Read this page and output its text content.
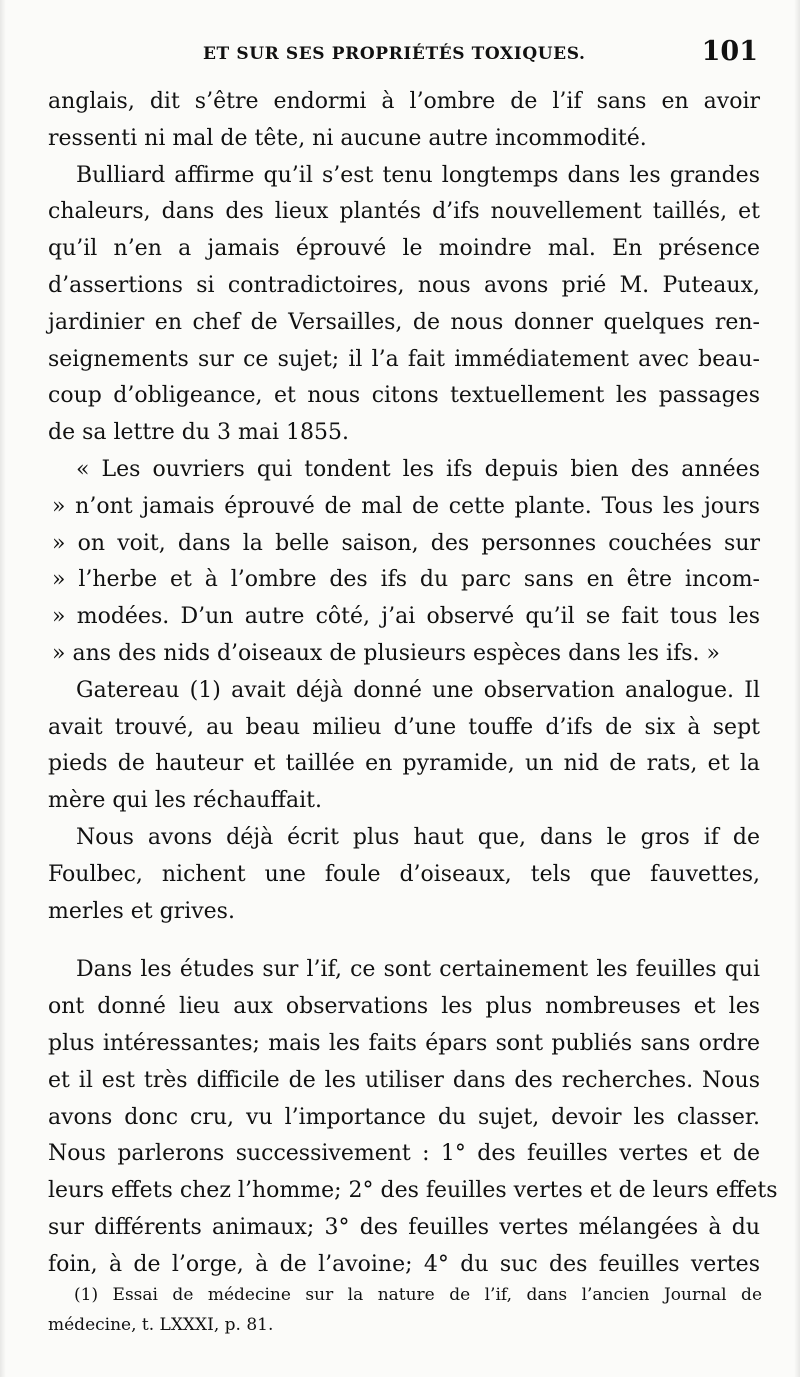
ET SUR SES PROPRIÉTÉS TOXIQUES.	101
anglais, dit s’être endormi à l’ombre de l’if sans en avoir
ressenti ni mal de tête, ni aucune autre incommodité.
Bulliard affirme qu’il s’est tenu longtemps dans les grandes
chaleurs, dans des lieux plantés d’ifs nouvellement taillés, et
qu’il n’en a jamais éprouvé le moindre mal. En présence
d’assertions si contradictoires, nous avons prié M. Puteaux,
jardinier en chef de Versailles, de nous donner quelques ren-
seignements sur ce sujet; il l’a fait immédiatement avec beau-
coup d’obligeance, et nous citons textuellement les passages
de sa lettre du 3 mai 1855.
« Les ouvriers qui tondent les ifs depuis bien des années
» n’ont jamais éprouvé de mal de cette plante. Tous les jours
» on voit, dans la belle saison, des personnes couchées sur
» l’herbe et à l’ombre des ifs du parc sans en être incom-
» modées. D’un autre côté, j’ai observé qu’il se fait tous les
» ans des nids d’oiseaux de plusieurs espèces dans les ifs. »
Gatereau (1) avait déjà donné une observation analogue. Il
avait trouvé, au beau milieu d’une touffe d’ifs de six à sept
pieds de hauteur et taillée en pyramide, un nid de rats, et la
mère qui les réchauffait.
Nous avons déjà écrit plus haut que, dans le gros if de
Foulbec, nichent une foule d’oiseaux, tels que fauvettes,
merles et grives.
Dans les études sur l’if, ce sont certainement les feuilles qui
ont donné lieu aux observations les plus nombreuses et les
plus intéressantes; mais les faits épars sont publiés sans ordre
et il est très difficile de les utiliser dans des recherches. Nous
avons donc cru, vu l’importance du sujet, devoir les classer.
Nous parlerons successivement : 1° des feuilles vertes et de
leurs effets chez l’homme; 2° des feuilles vertes et de leurs effets
sur différents animaux; 3° des feuilles vertes mélangées à du
foin, à de l’orge, à de l’avoine; 4° du suc des feuilles vertes
(1) Essai de médecine sur la nature de l’if, dans l’ancien Journal de
médecine, t. LXXXI, p. 81.
